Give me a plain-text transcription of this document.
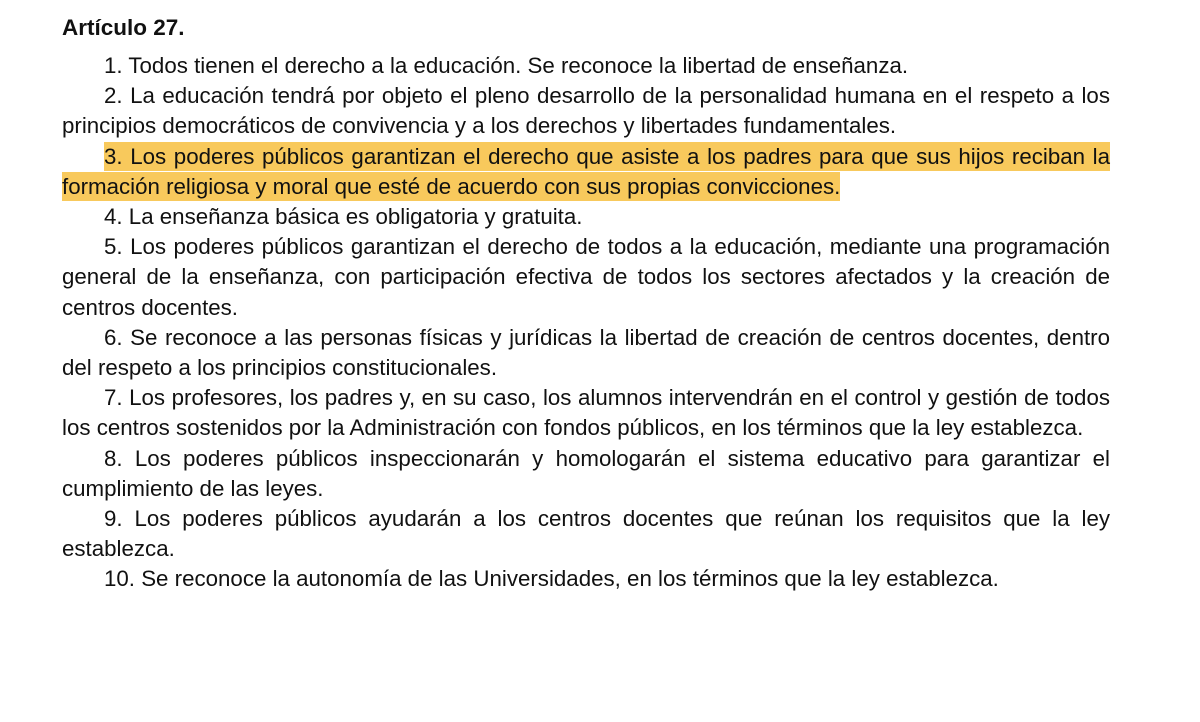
Artículo 27.

1. Todos tienen el derecho a la educación. Se reconoce la libertad de enseñanza.

2. La educación tendrá por objeto el pleno desarrollo de la personalidad humana en el respeto a los principios democráticos de convivencia y a los derechos y libertades fundamentales.

3. Los poderes públicos garantizan el derecho que asiste a los padres para que sus hijos reciban la formación religiosa y moral que esté de acuerdo con sus propias convicciones.

4. La enseñanza básica es obligatoria y gratuita.

5. Los poderes públicos garantizan el derecho de todos a la educación, mediante una programación general de la enseñanza, con participación efectiva de todos los sectores afectados y la creación de centros docentes.

6. Se reconoce a las personas físicas y jurídicas la libertad de creación de centros docentes, dentro del respeto a los principios constitucionales.

7. Los profesores, los padres y, en su caso, los alumnos intervendrán en el control y gestión de todos los centros sostenidos por la Administración con fondos públicos, en los términos que la ley establezca.

8. Los poderes públicos inspeccionarán y homologarán el sistema educativo para garantizar el cumplimiento de las leyes.

9. Los poderes públicos ayudarán a los centros docentes que reúnan los requisitos que la ley establezca.

10. Se reconoce la autonomía de las Universidades, en los términos que la ley establezca.
